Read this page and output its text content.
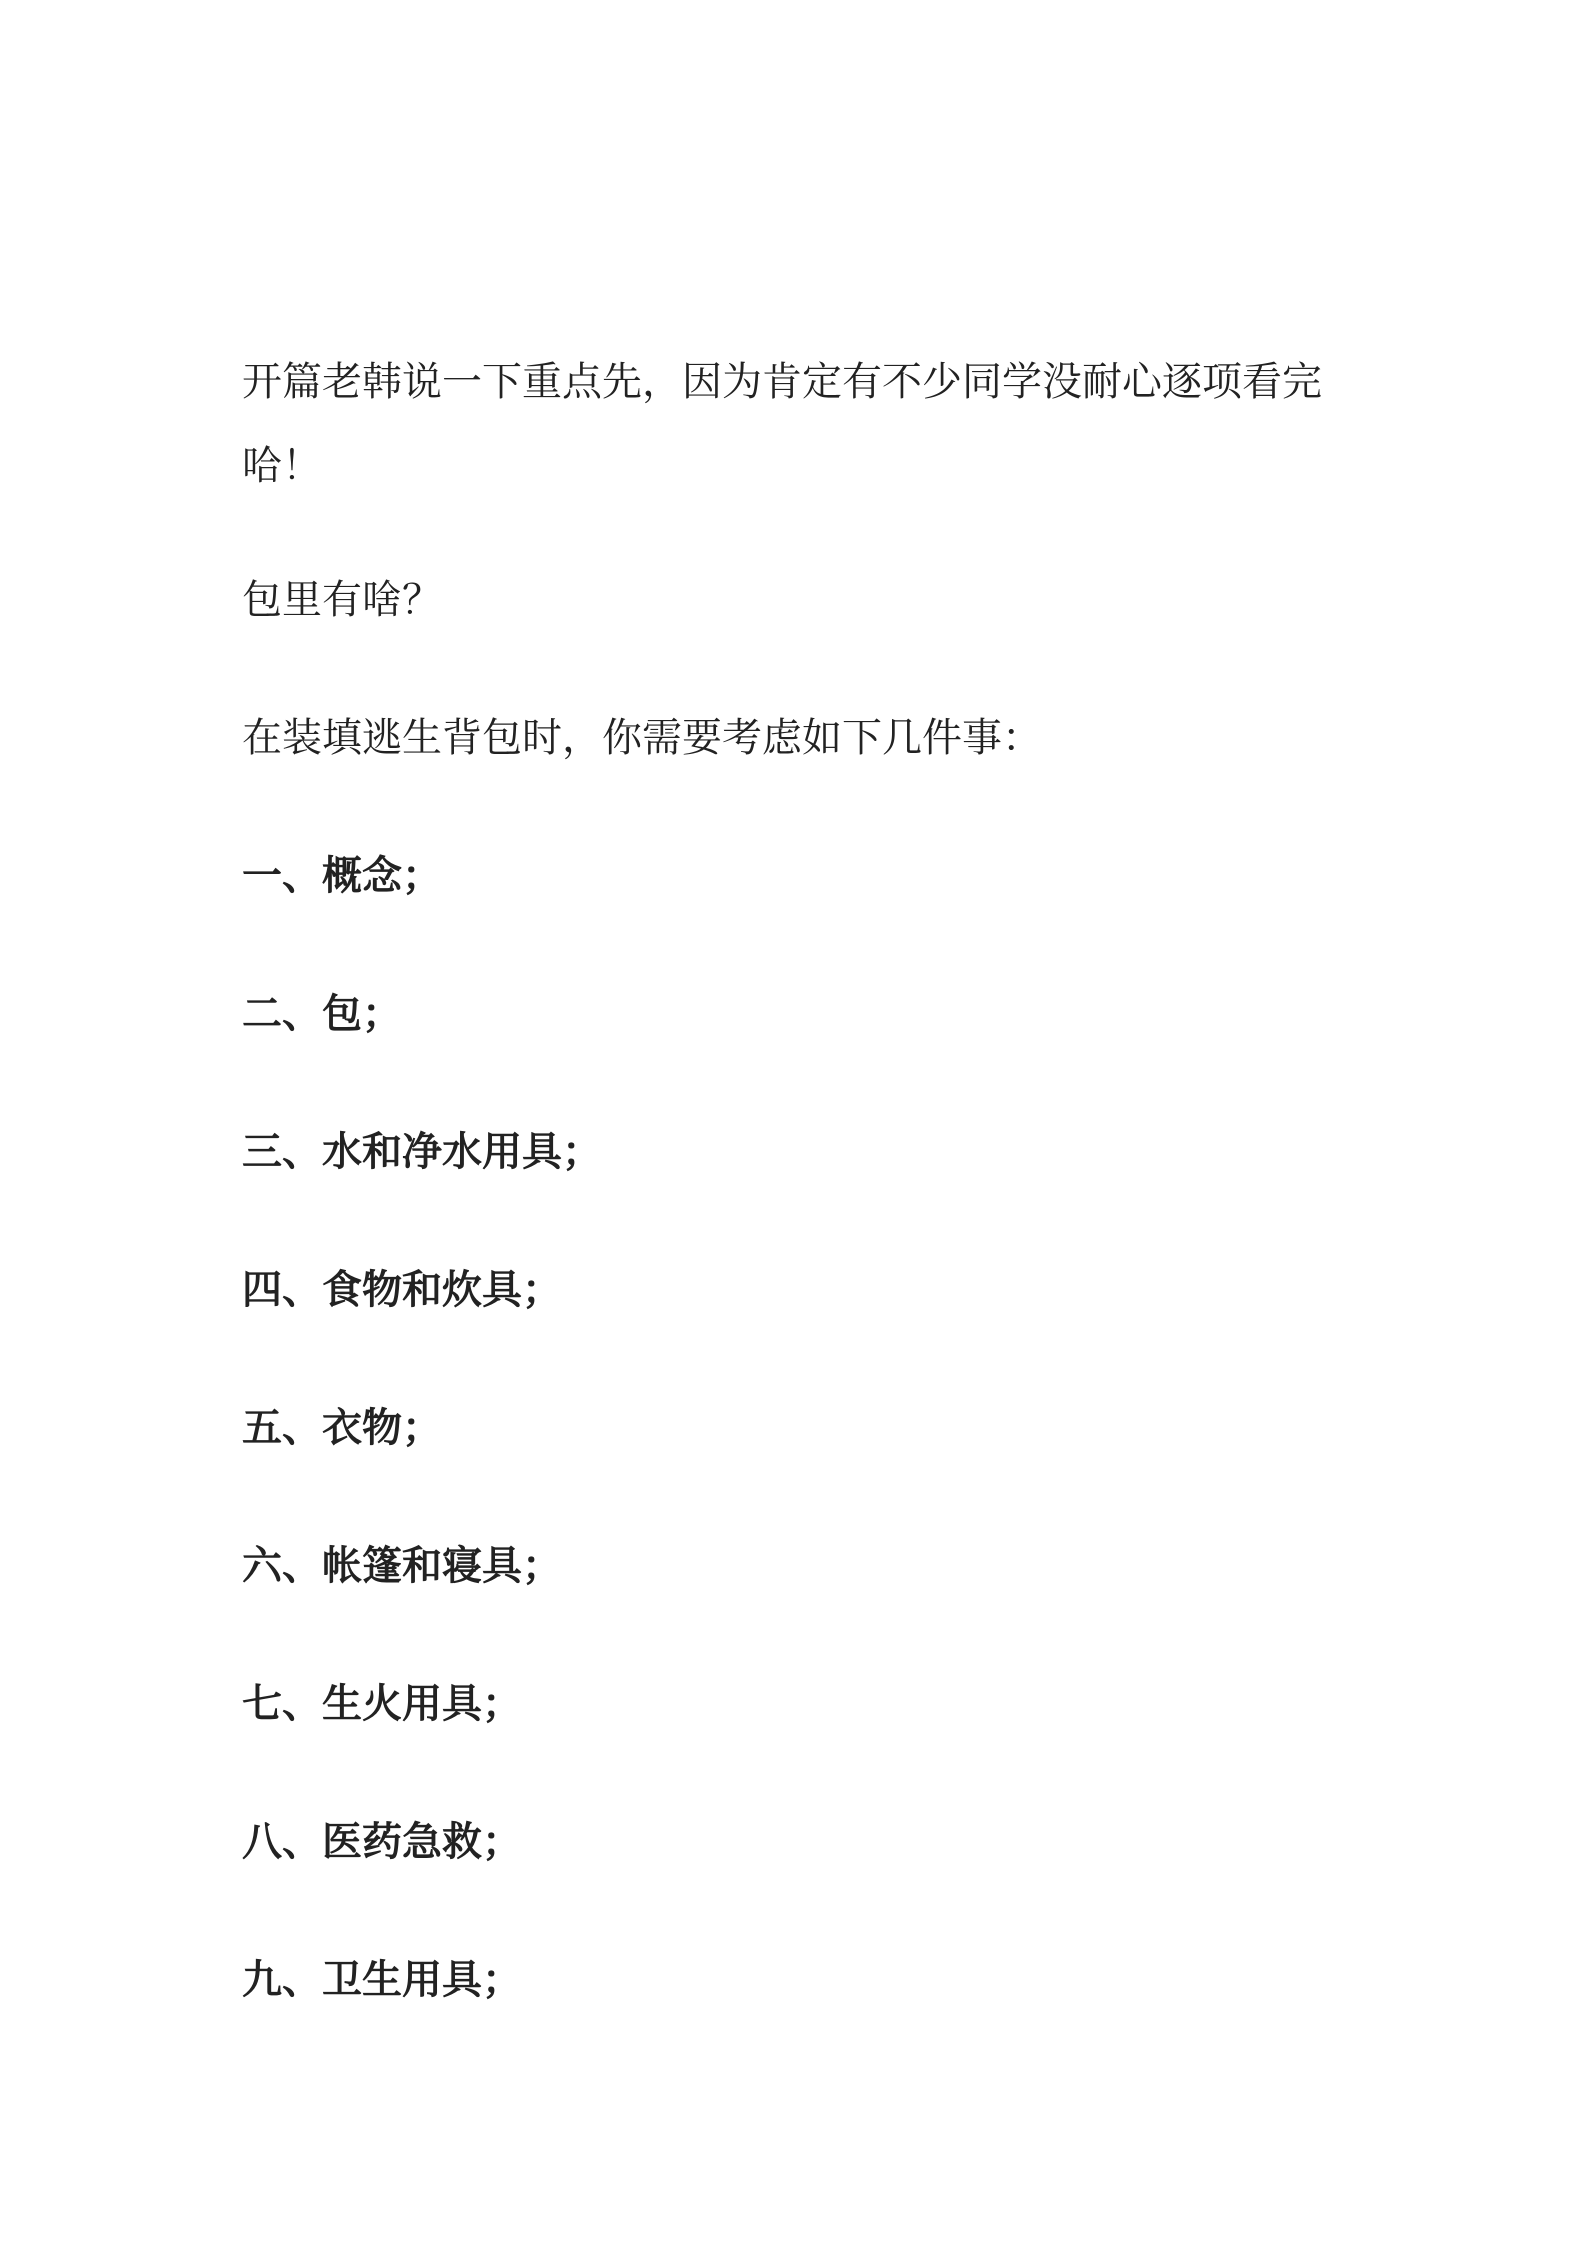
开篇老韩说一下重点先，因为肯定有不少同学没耐心逐项看完哈！

包里有啥？

在装填逃生背包时，你需要考虑如下几件事：

一、概念；
二、包；
三、水和净水用具；
四、食物和炊具；
五、衣物；
六、帐篷和寝具；
七、生火用具；
八、医药急救；
九、卫生用具；
